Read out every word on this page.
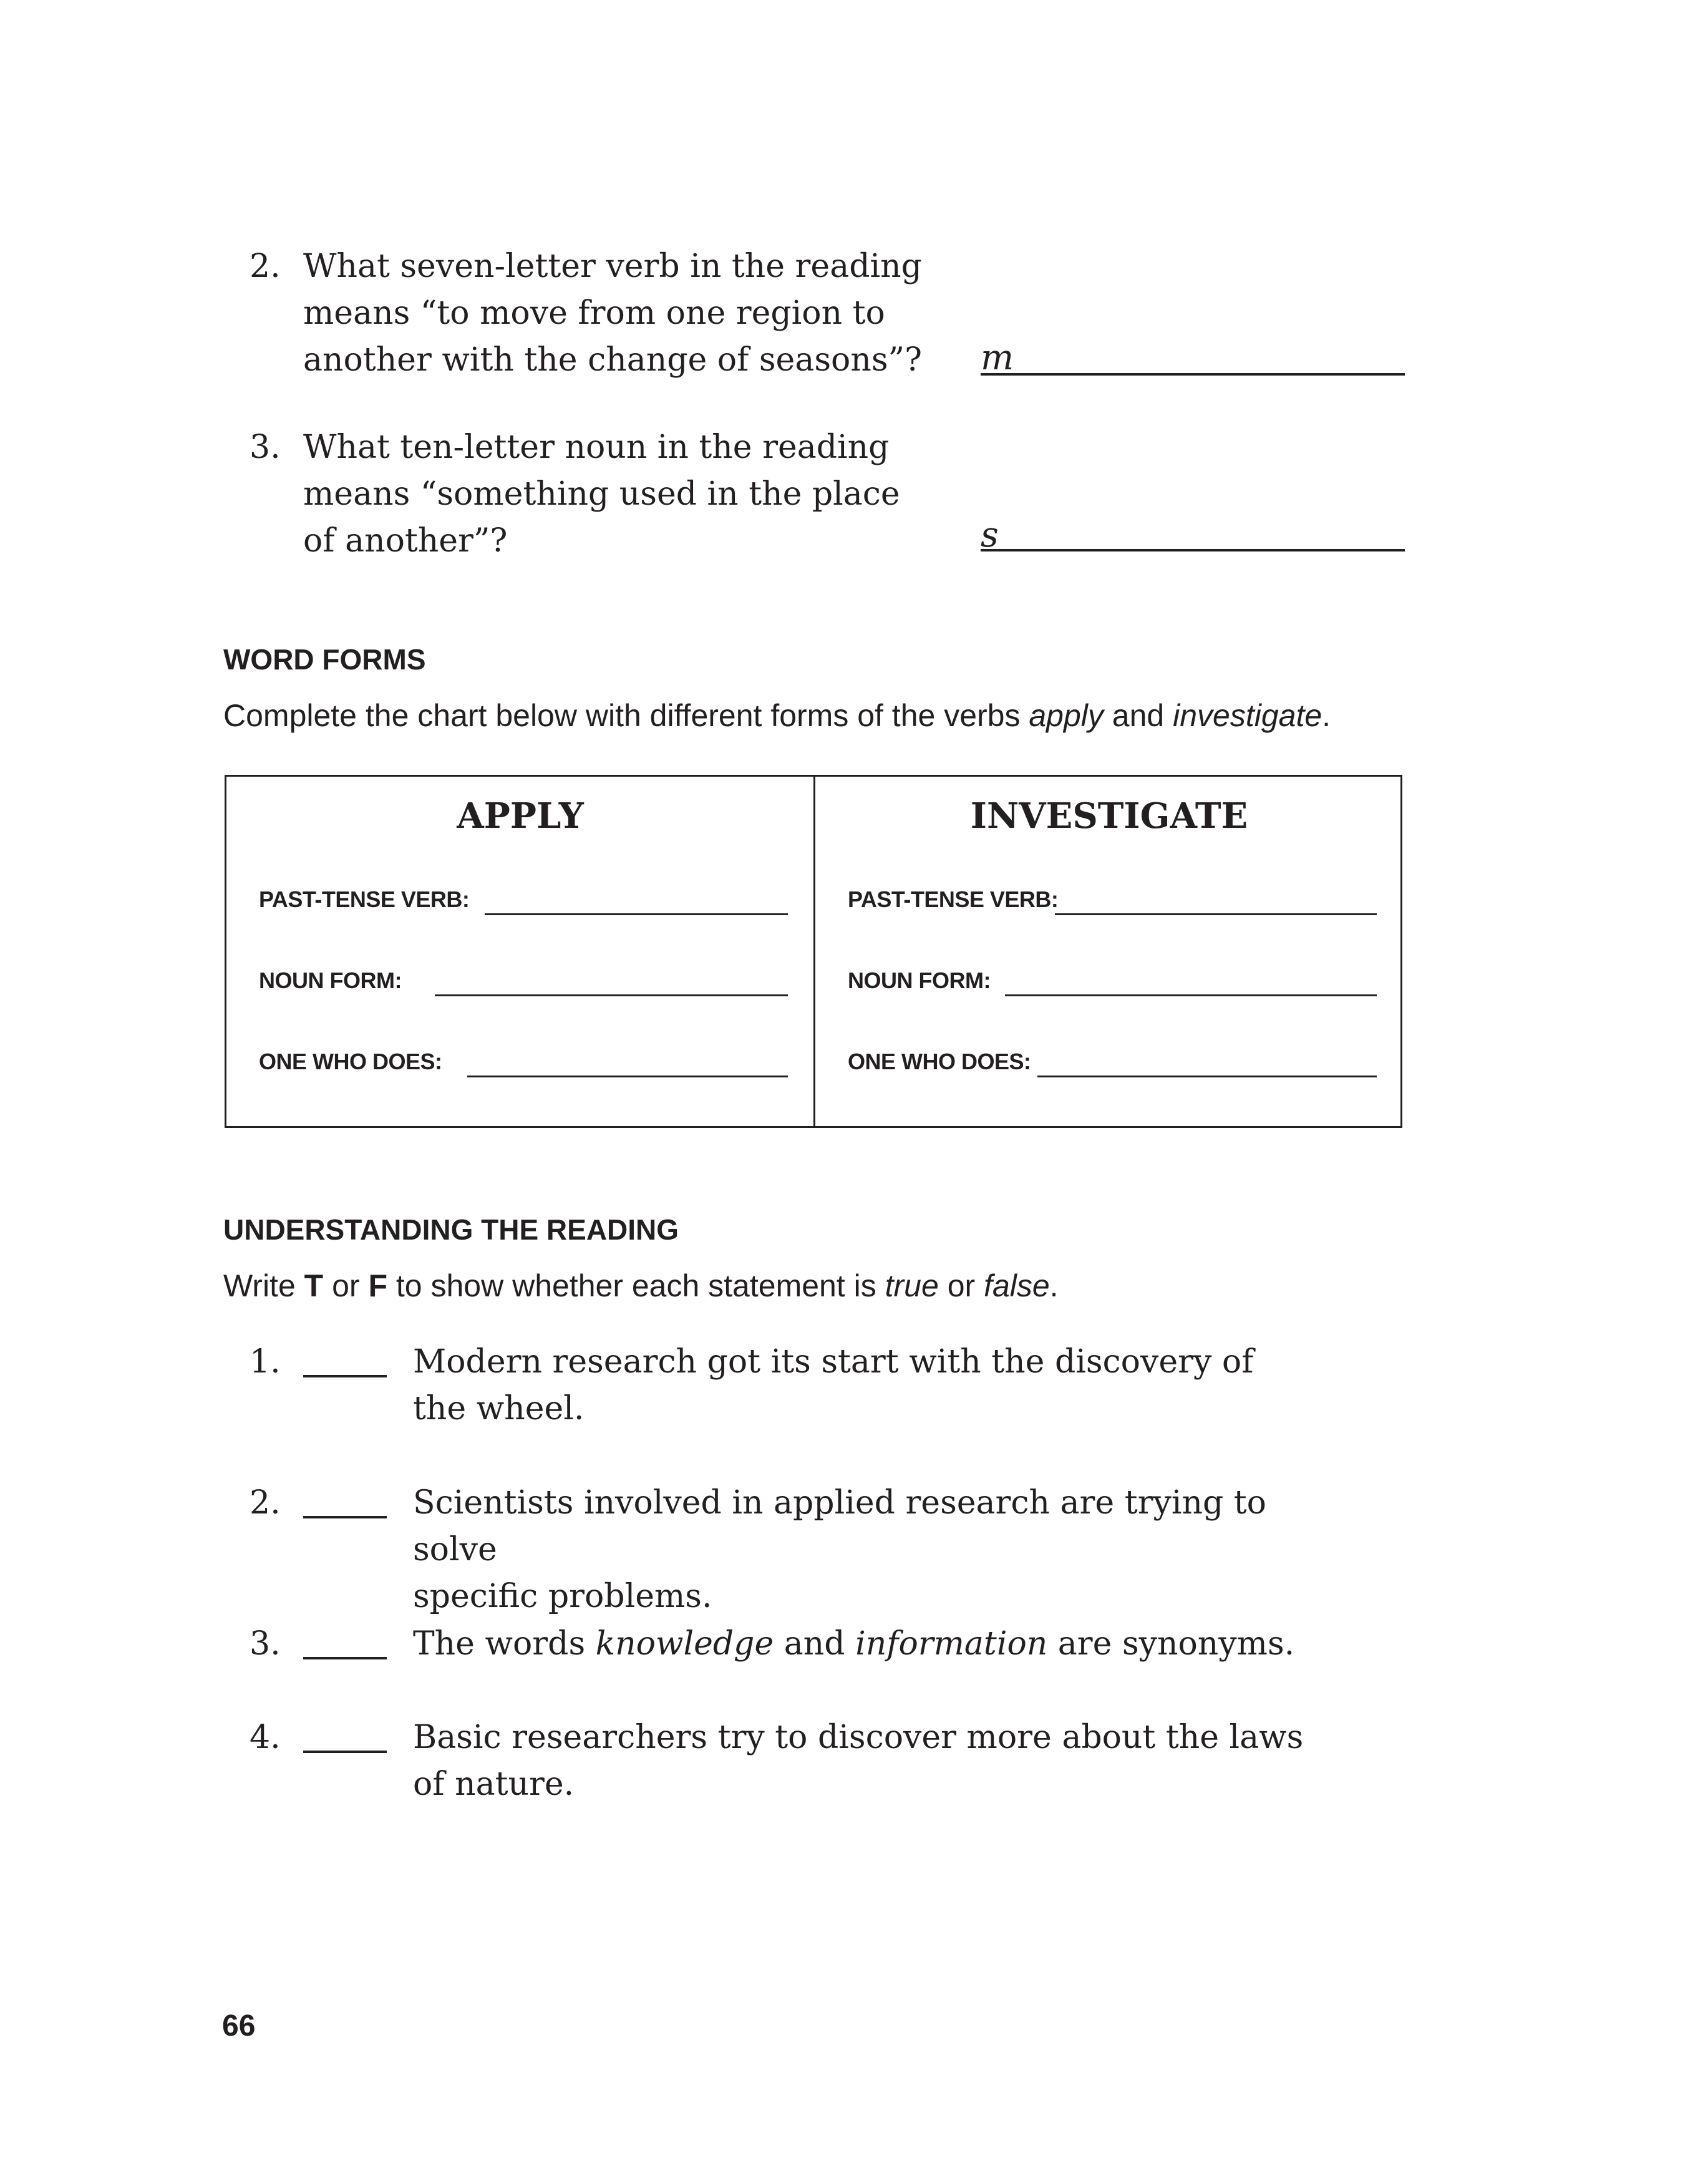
2. What seven-letter verb in the reading
means “to move from one region to
another with the change of seasons”?	m
3. What ten-letter noun in the reading
means “something used in the place
of another”?	s
WORD FORMS
Complete the chart below with different forms of the verbs apply and investigate.
APPLY
PAST-TENSE VERB:
NOUN FORM:
ONE WHO DOES:
INVESTIGATE
PAST-TENSE VERB:
NOUN FORM:
ONE WHO DOES:
UNDERSTANDING THE READING
Write T or F to show whether each statement is true or false.
1.	Modern research got its start with the discovery of
the wheel.
2.	Scientists involved in applied research are trying to solve
specific problems.
3.	The words knowledge and information are synonyms.
4.	Basic researchers try to discover more about the laws
of nature.
66
